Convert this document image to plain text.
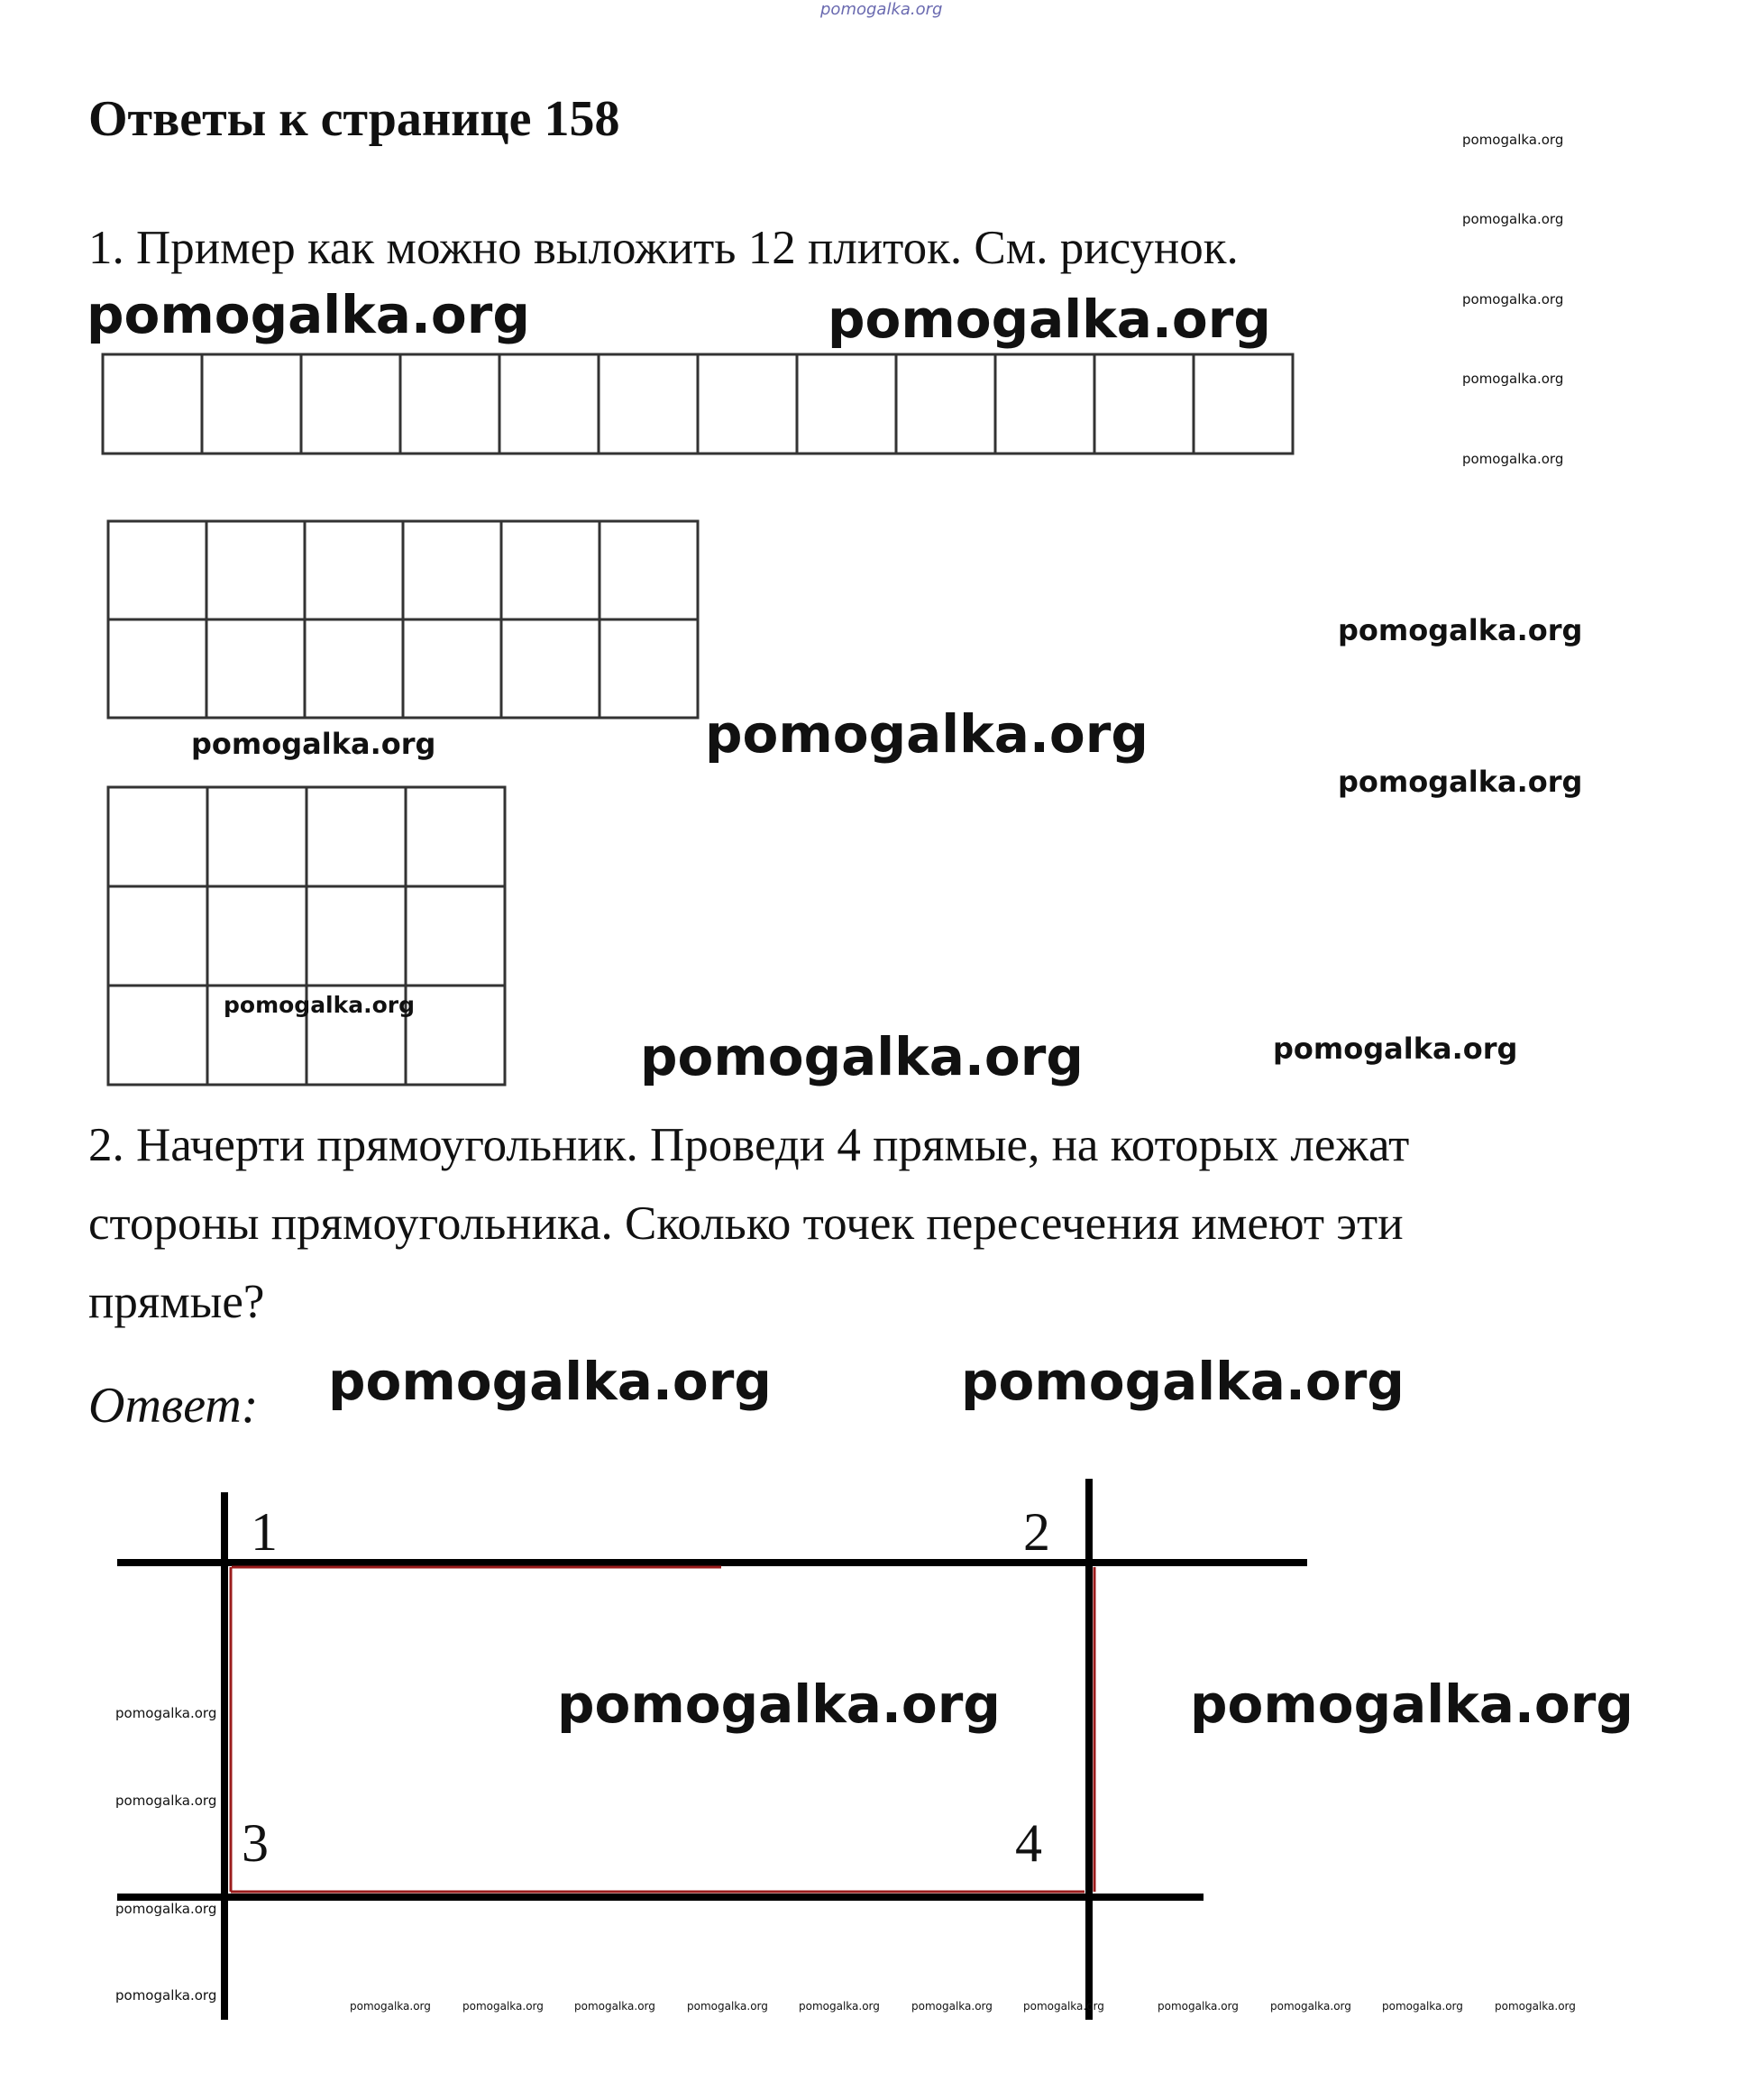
pomogalka.org
Ответы к странице 158
1. Пример как можно выложить 12 плиток. См. рисунок.
2. Начерти прямоугольник. Проведи 4 прямые, на которых лежат
стороны прямоугольника. Сколько точек пересечения имеют эти
прямые?
Ответ:
1	2
3	4
pomogalka.org	pomogalka.org
pomogalka.org
pomogalka.org
pomogalka.org
pomogalka.org
pomogalka.org
pomogalka.org
pomogalka.org
pomogalka.org	pomogalka.org
pomogalka.org
pomogalka.org	pomogalka.org
pomogalka.org	pomogalka.org
pomogalka.org	pomogalka.org
pomogalka.org
pomogalka.org
pomogalka.org
pomogalka.org
pomogalka.org	pomogalka.org	pomogalka.org	pomogalka.org	pomogalka.org	pomogalka.org	pomogalka.org	pomogalka.org	pomogalka.org	pomogalka.org	pomogalka.org
